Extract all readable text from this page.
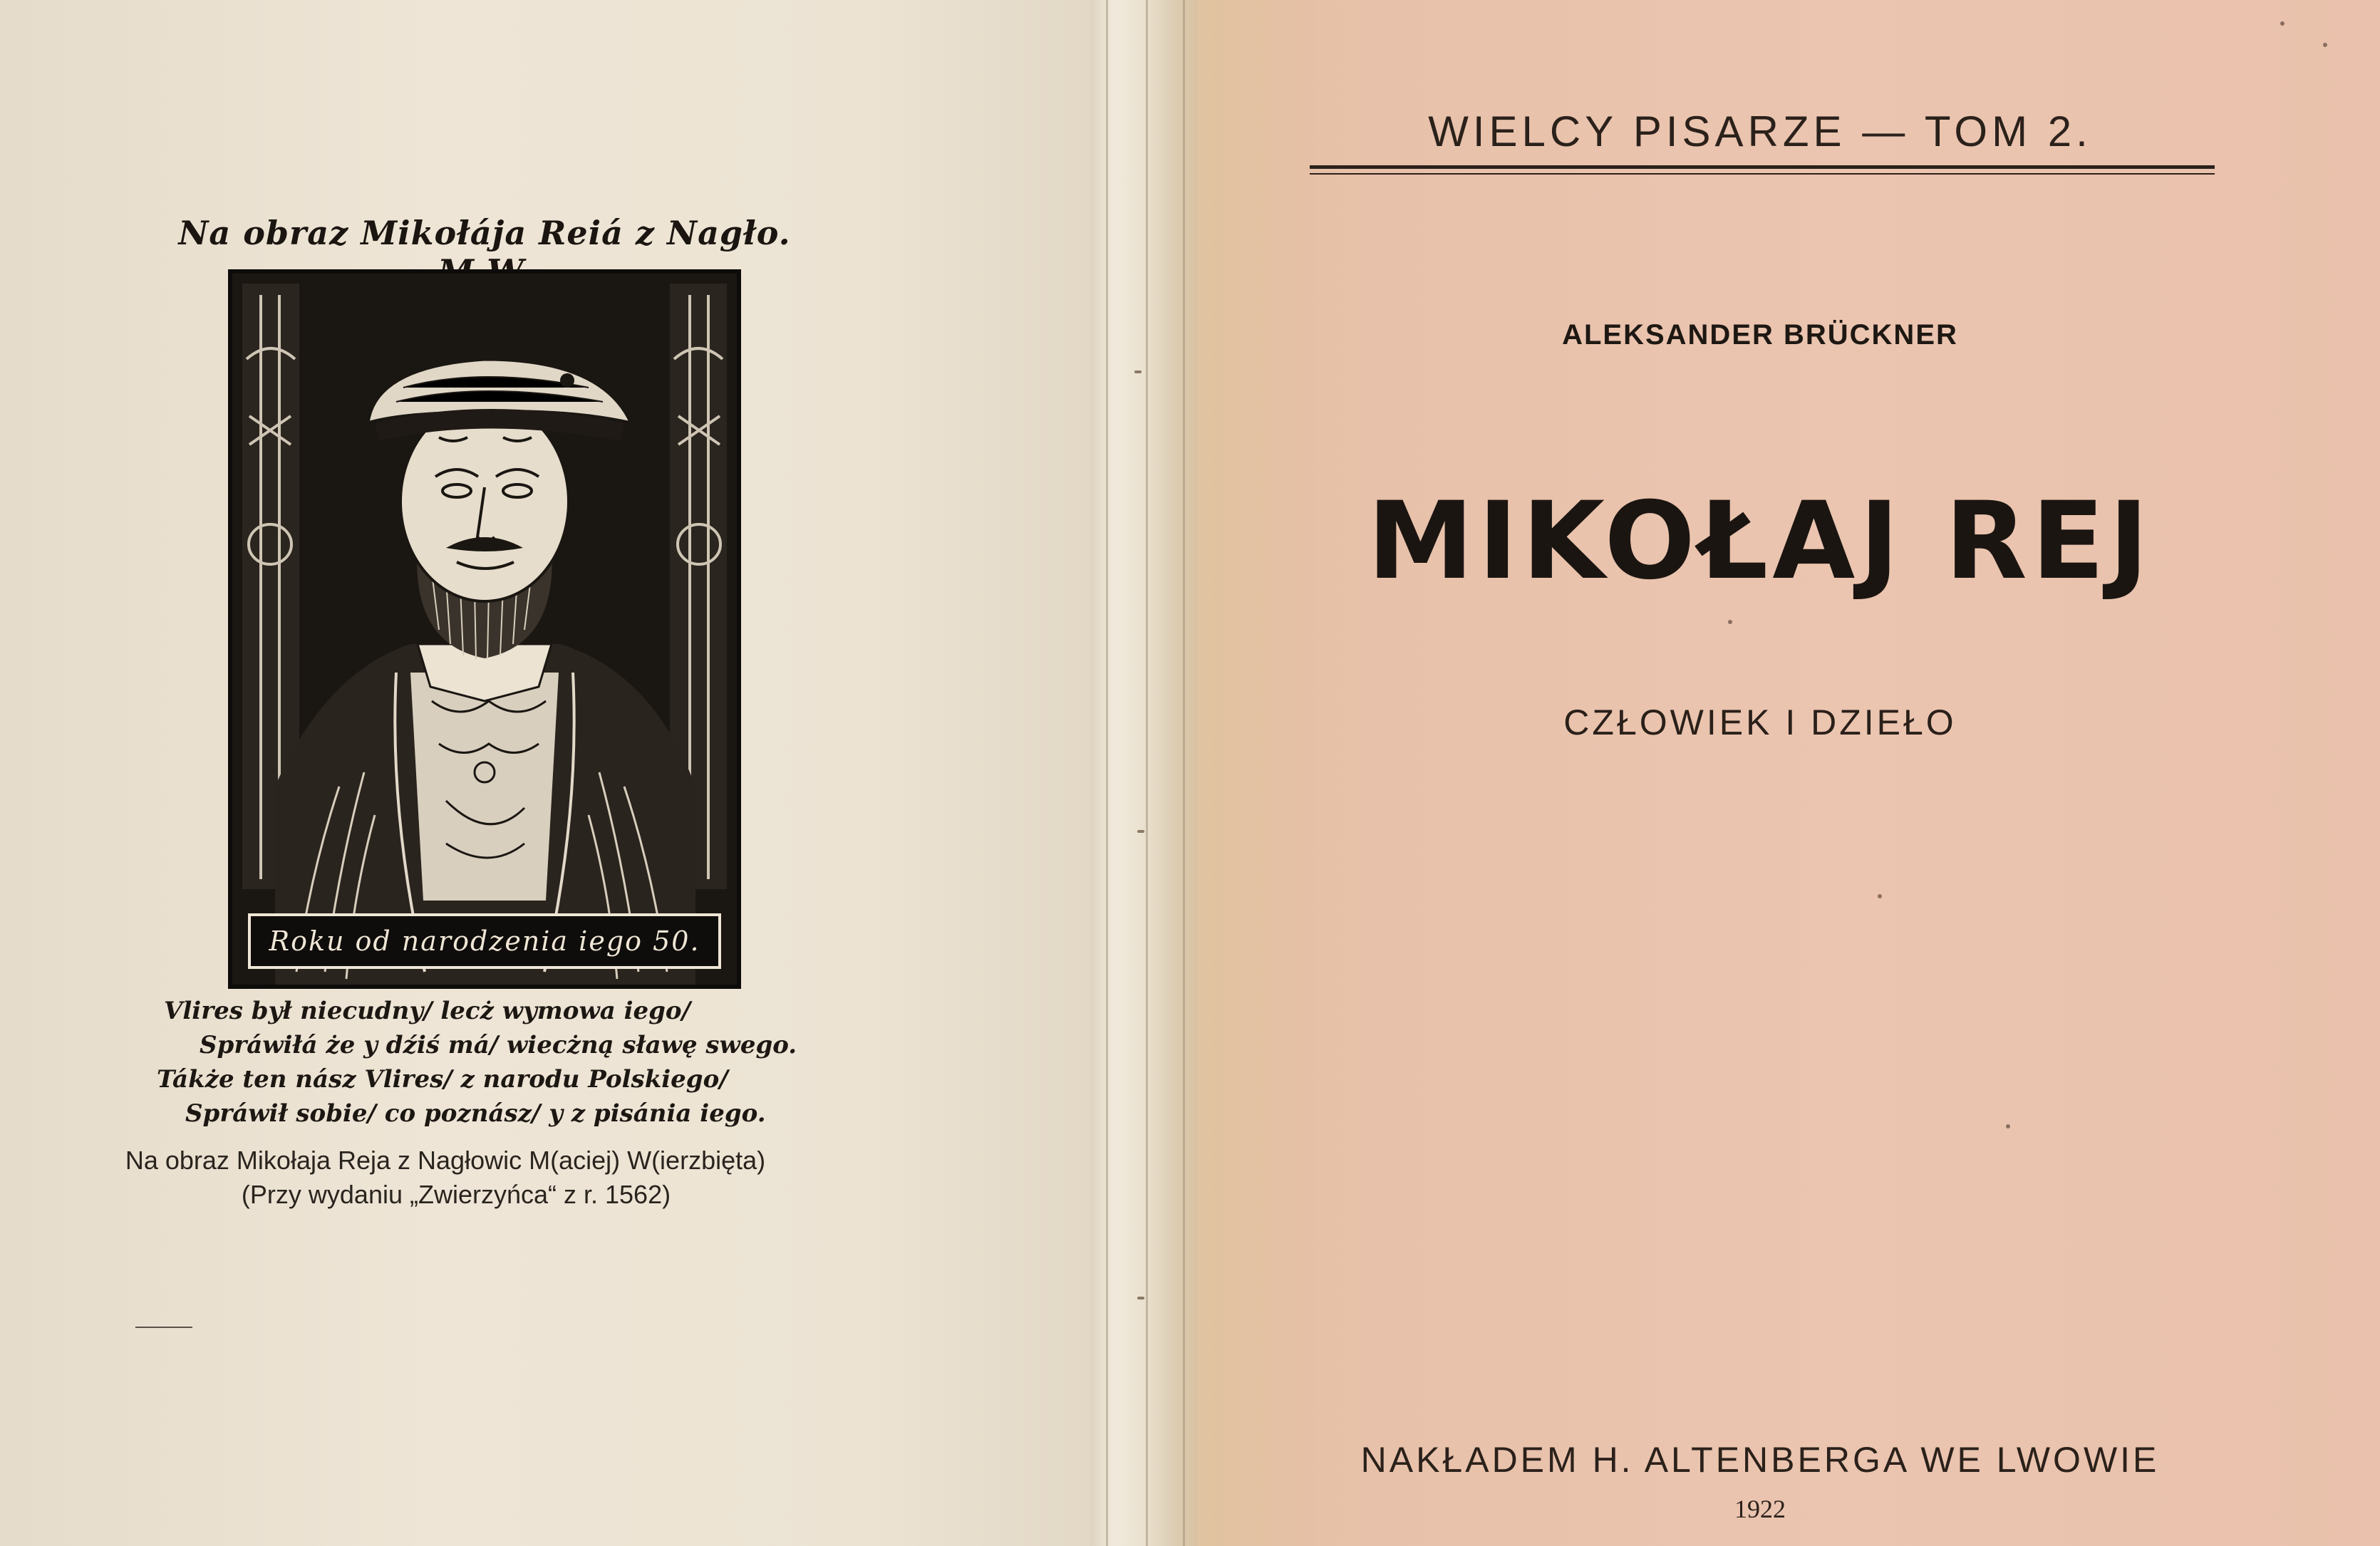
Na obraz Mikołája Reiá z Nagło.
Roku od narodzenia iego 50.
Vlires był niecudny/ lecż wymowa iego/
Spráwiłá że y dźiś má/ wiecżną sławę swego.
Tákże ten nász Vlires/ z narodu Polskiego/
Spráwił sobie/ co poznász/ y z pisánia iego.
Na obraz Mikołaja Reja z Nagłowic M(aciej) W(ierzbięta)
(Przy wydaniu „Zwierzyńca“ z r. 1562)
WIELCY PISARZE — TOM 2.
ALEKSANDER BRÜCKNER
MIKOŁAJ REJ
CZŁOWIEK I DZIEŁO
NAKŁADEM H. ALTENBERGA WE LWOWIE
1922
